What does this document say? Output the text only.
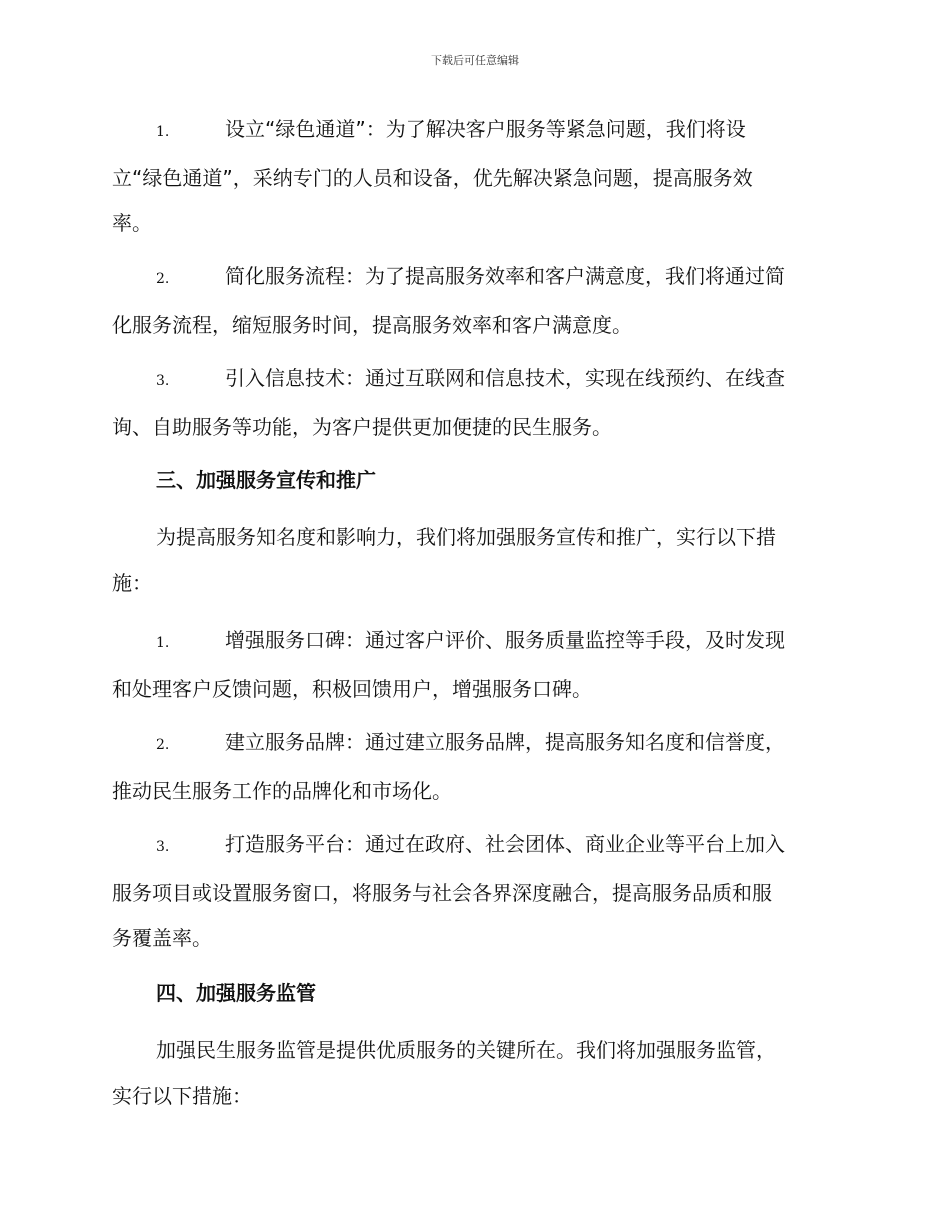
下载后可任意编辑
1.	设立“绿色通道”：为了解决客户服务等紧急问题，我们将设
立“绿色通道”，采纳专门的人员和设备，优先解决紧急问题，提高服务效
率。
2.	简化服务流程：为了提高服务效率和客户满意度，我们将通过简
化服务流程，缩短服务时间，提高服务效率和客户满意度。
3.	引入信息技术：通过互联网和信息技术，实现在线预约、在线查
询、自助服务等功能，为客户提供更加便捷的民生服务。
三、加强服务宣传和推广
为提高服务知名度和影响力，我们将加强服务宣传和推广，实行以下措
施：
1.	增强服务口碑：通过客户评价、服务质量监控等手段，及时发现
和处理客户反馈问题，积极回馈用户，增强服务口碑。
2.	建立服务品牌：通过建立服务品牌，提高服务知名度和信誉度，
推动民生服务工作的品牌化和市场化。
3.	打造服务平台：通过在政府、社会团体、商业企业等平台上加入
服务项目或设置服务窗口，将服务与社会各界深度融合，提高服务品质和服
务覆盖率。
四、加强服务监管
加强民生服务监管是提供优质服务的关键所在。我们将加强服务监管，
实行以下措施：
